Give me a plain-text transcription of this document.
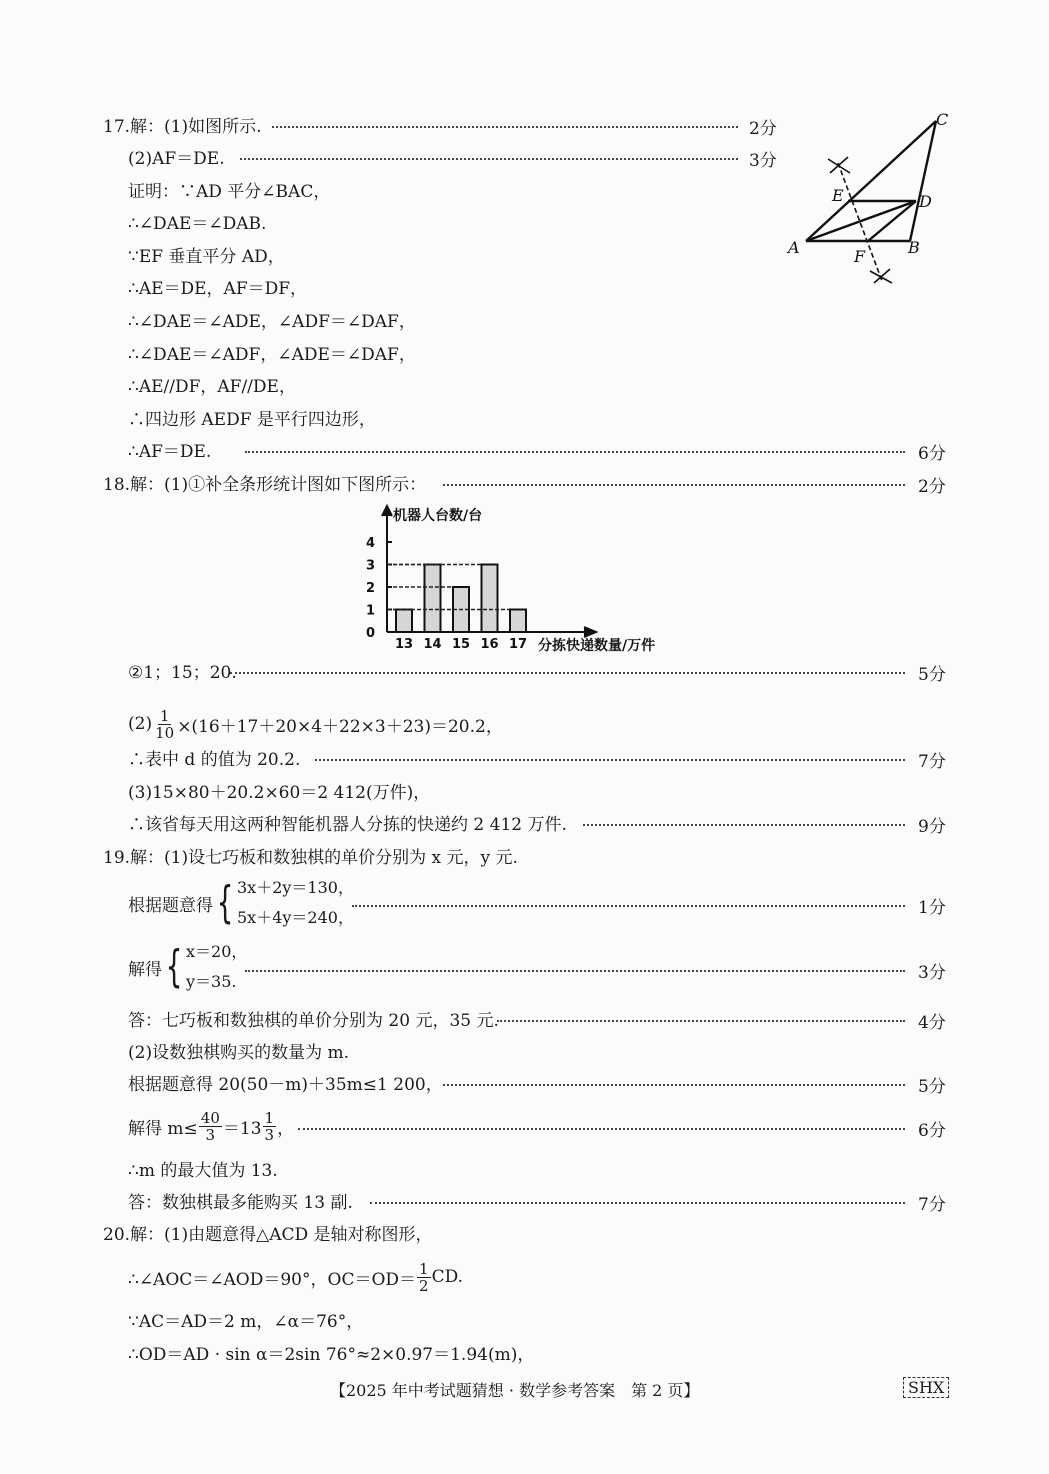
17.解：(1)如图所示.	2分
(2)AF＝DE.	3分
证明：∵AD 平分∠BAC，
∴∠DAE＝∠DAB.
∵EF 垂直平分 AD，
∴AE＝DE，AF＝DF，
∴∠DAE＝∠ADE，∠ADF＝∠DAF，
∴∠DAE＝∠ADF，∠ADE＝∠DAF，
∴AE//DF，AF//DE，
∴四边形 AEDF 是平行四边形，
∴AF＝DE.	6分
C
E	D
A	B
F
18.解：(1)①补全条形统计图如下图所示：	2分
机器人台数/台
分拣快递数量/万件
0
1
2
3
4
13 14 15 16 17
②1；15；20.	5分
$(2) \frac{1}{10} \times(16+17+20\times 4+22\times 3+23)=20.2$，
∴表中 d 的值为 20.2.	7分
(3)15×80＋20.2×60＝2 412(万件)，
∴该省每天用这两种智能机器人分拣的快递约 2 412 万件.	9分
19.解：(1)设七巧板和数独棋的单价分别为 x 元，y 元.
根据题意得 { 3x＋2y＝130，
5x＋4y＝240，	1分
解得 { x＝20，
y＝35.	3分
答：七巧板和数独棋的单价分别为 20 元，35 元.	4分
(2)设数独棋购买的数量为 m.
根据题意得 20(50－m)＋35m≤1 200，	5分
解得 $m\le \frac{40}{3} =13 \frac{1}{3}$ ，	6分
∴m 的最大值为 13.
答：数独棋最多能购买 13 副.	7分
20.解：(1)由题意得△ACD 是轴对称图形，
∴∠AOC＝∠AOD＝90°，$OC=OD= \frac{1}{2}$ CD.
∵AC＝AD＝2 m，∠α＝76°，
∴OD＝AD · sin α＝2sin 76°≈2×0.97＝1.94(m)，
【2025 年中考试题猜想 · 数学参考答案　第 2 页】	SHX
